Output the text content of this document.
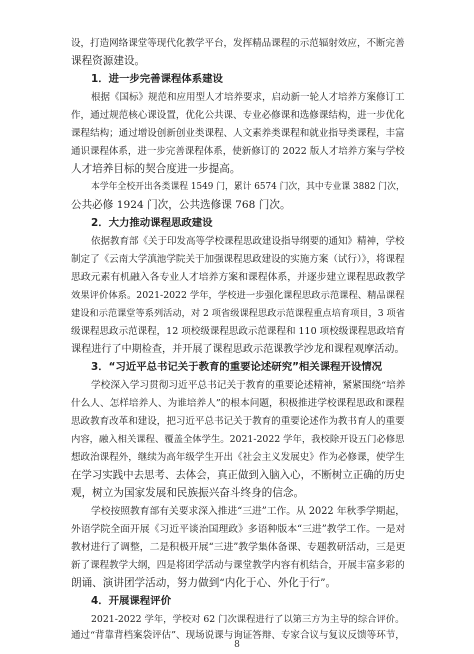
设，打造网络课堂等现代化教学平台，发挥精品课程的示范辐射效应，不断完善
课程资源建设。
1．进一步完善课程体系建设
根据《国标》规范和应用型人才培养要求，启动新一轮人才培养方案修订工
作，通过规范核心课设置，优化公共课、专业必修课和选修课结构，进一步优化
课程结构；通过增设创新创业类课程、人文素养类课程和就业指导类课程，丰富
通识课程体系，进一步完善课程体系，使新修订的 2022 版人才培养方案与学校
人才培养目标的契合度进一步提高。
本学年全校开出各类课程 1549 门，累计 6574 门次，其中专业课 3882 门次，
公共必修 1924 门次，公共选修课 768 门次。
2．大力推动课程思政建设
依据教育部《关于印发高等学校课程思政建设指导纲要的通知》精神，学校
制定了《云南大学滇池学院关于加强课程思政建设的实施方案（试行）》，将课程
思政元素有机融入各专业人才培养方案和课程体系，并逐步建立课程思政教学
效果评价体系。2021-2022 学年，学校进一步强化课程思政示范课程、精品课程
建设和示范课堂等系列活动，对 2 项省级课程思政示范课程重点培育项目，3 项省
级课程思政示范课程，12 项校级课程思政示范课程和 110 项校级课程思政培育
课程进行了中期检查，并开展了课程思政示范课教学沙龙和课程观摩活动。
3．“习近平总书记关于教育的重要论述研究”相关课程开设情况
学校深入学习贯彻习近平总书记关于教育的重要论述精神，紧紧围绕“培养
什么人、怎样培养人、为谁培养人”的根本问题，积极推进学校课程思政和课程
思政教育改革和建设，把习近平总书记关于教育的重要论述作为教书育人的重要
内容，融入相关课程、覆盖全体学生。2021-2022 学年，我校除开设五门必修思
想政治课程外，继续为高年级学生开出《社会主义发展史》作为必修课，使学生
在学习实践中去思考、去体会，真正做到入脑入心，不断树立正确的历史
观，树立为国家发展和民族振兴奋斗终身的信念。
学校按照教育部有关要求深入推进“三进”工作。从 2022 年秋季学期起，
外语学院全面开展《习近平谈治国理政》多语种版本“三进”教学工作。一是对
教材进行了调整，二是积极开展“三进”教学集体备课、专题教研活动，三是更
新了课程教学大纲，四是将团学活动与课堂教学内容有机结合，开展丰富多彩的
朗诵、演讲团学活动，努力做到“内化于心、外化于行”。
4．开展课程评价
2021-2022 学年，学校对 62 门次课程进行了以第三方为主导的综合评价。
通过“背靠背档案袋评估”、现场说课与询证答辩、专家合议与复议反馈等环节，
8
